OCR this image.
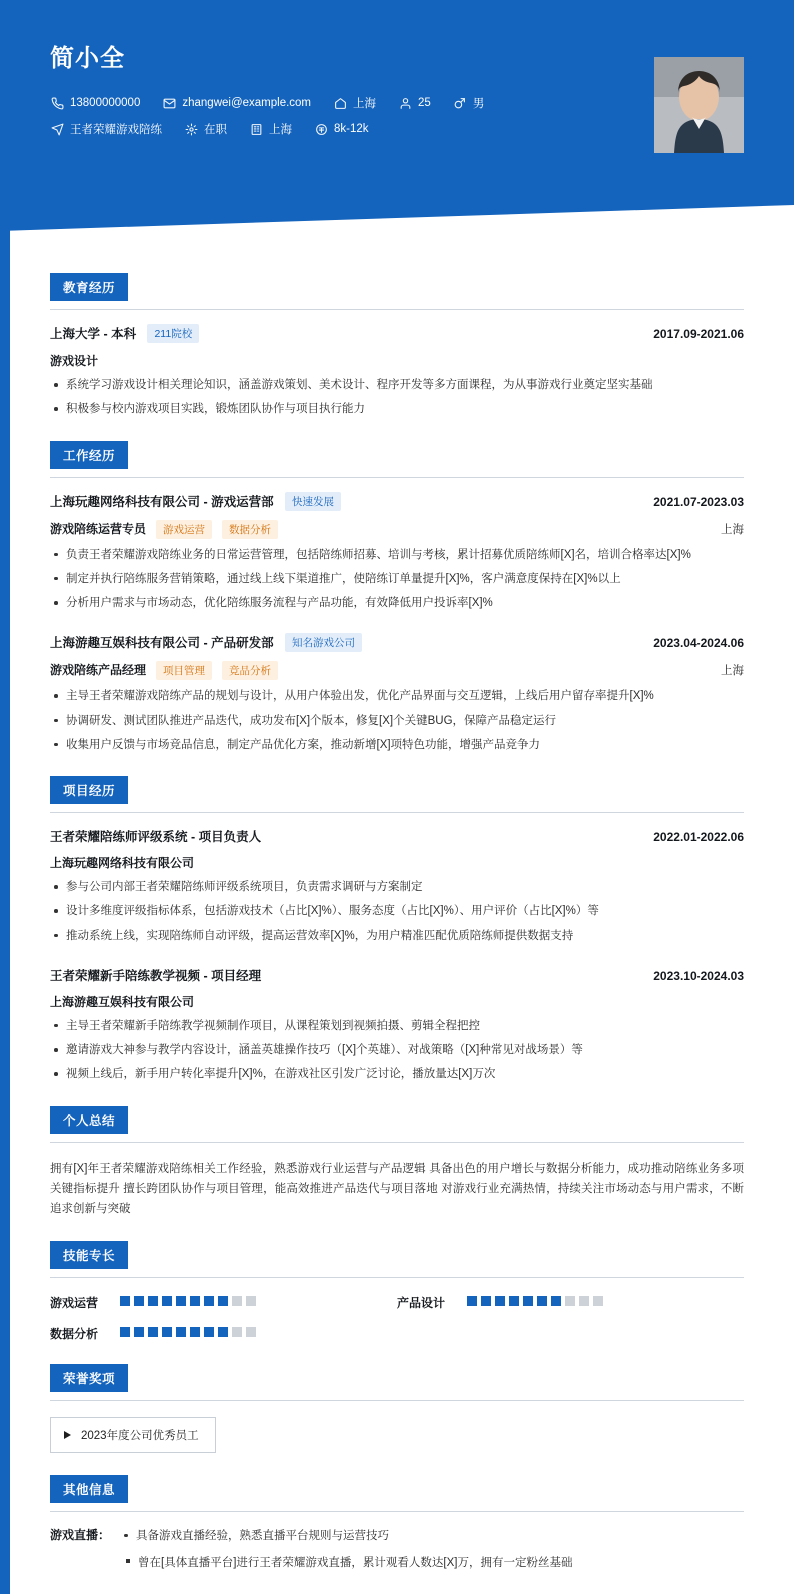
简小全
13800000000	zhangwei@example.com	上海	25	男
王者荣耀游戏陪练	在职	上海	8k-12k
教育经历
上海大学 - 本科 211院校	2017.09-2021.06
游戏设计
系统学习游戏设计相关理论知识，涵盖游戏策划、美术设计、程序开发等多方面课程，为从事游戏行业奠定坚实基础
积极参与校内游戏项目实践，锻炼团队协作与项目执行能力
工作经历
上海玩趣网络科技有限公司 - 游戏运营部 快速发展	2021.07-2023.03
游戏陪练运营专员	游戏运营	数据分析	上海
负责王者荣耀游戏陪练业务的日常运营管理，包括陪练师招募、培训与考核，累计招募优质陪练师[X]名，培训合格率达[X]%
制定并执行陪练服务营销策略，通过线上线下渠道推广，使陪练订单量提升[X]%，客户满意度保持在[X]%以上
分析用户需求与市场动态，优化陪练服务流程与产品功能，有效降低用户投诉率[X]%
上海游趣互娱科技有限公司 - 产品研发部 知名游戏公司	2023.04-2024.06
游戏陪练产品经理	项目管理	竞品分析	上海
主导王者荣耀游戏陪练产品的规划与设计，从用户体验出发，优化产品界面与交互逻辑，上线后用户留存率提升[X]%
协调研发、测试团队推进产品迭代，成功发布[X]个版本，修复[X]个关键BUG，保障产品稳定运行
收集用户反馈与市场竞品信息，制定产品优化方案，推动新增[X]项特色功能，增强产品竞争力
项目经历
王者荣耀陪练师评级系统 - 项目负责人	2022.01-2022.06
上海玩趣网络科技有限公司
参与公司内部王者荣耀陪练师评级系统项目，负责需求调研与方案制定
设计多维度评级指标体系，包括游戏技术（占比[X]%）、服务态度（占比[X]%）、用户评价（占比[X]%）等
推动系统上线，实现陪练师自动评级，提高运营效率[X]%，为用户精准匹配优质陪练师提供数据支持
王者荣耀新手陪练教学视频 - 项目经理	2023.10-2024.03
上海游趣互娱科技有限公司
主导王者荣耀新手陪练教学视频制作项目，从课程策划到视频拍摄、剪辑全程把控
邀请游戏大神参与教学内容设计，涵盖英雄操作技巧（[X]个英雄）、对战策略（[X]种常见对战场景）等
视频上线后，新手用户转化率提升[X]%，在游戏社区引发广泛讨论，播放量达[X]万次
个人总结
拥有[X]年王者荣耀游戏陪练相关工作经验，熟悉游戏行业运营与产品逻辑 具备出色的用户增长与数据分析能力，成功推动陪练业务多项关键指标提升 擅长跨团队协作与项目管理，能高效推进产品迭代与项目落地 对游戏行业充满热情，持续关注市场动态与用户需求，不断追求创新与突破
技能专长
游戏运营	产品设计
数据分析
荣誉奖项
2023年度公司优秀员工
其他信息
游戏直播：	具备游戏直播经验，熟悉直播平台规则与运营技巧
曾在[具体直播平台]进行王者荣耀游戏直播，累计观看人数达[X]万，拥有一定粉丝基础
